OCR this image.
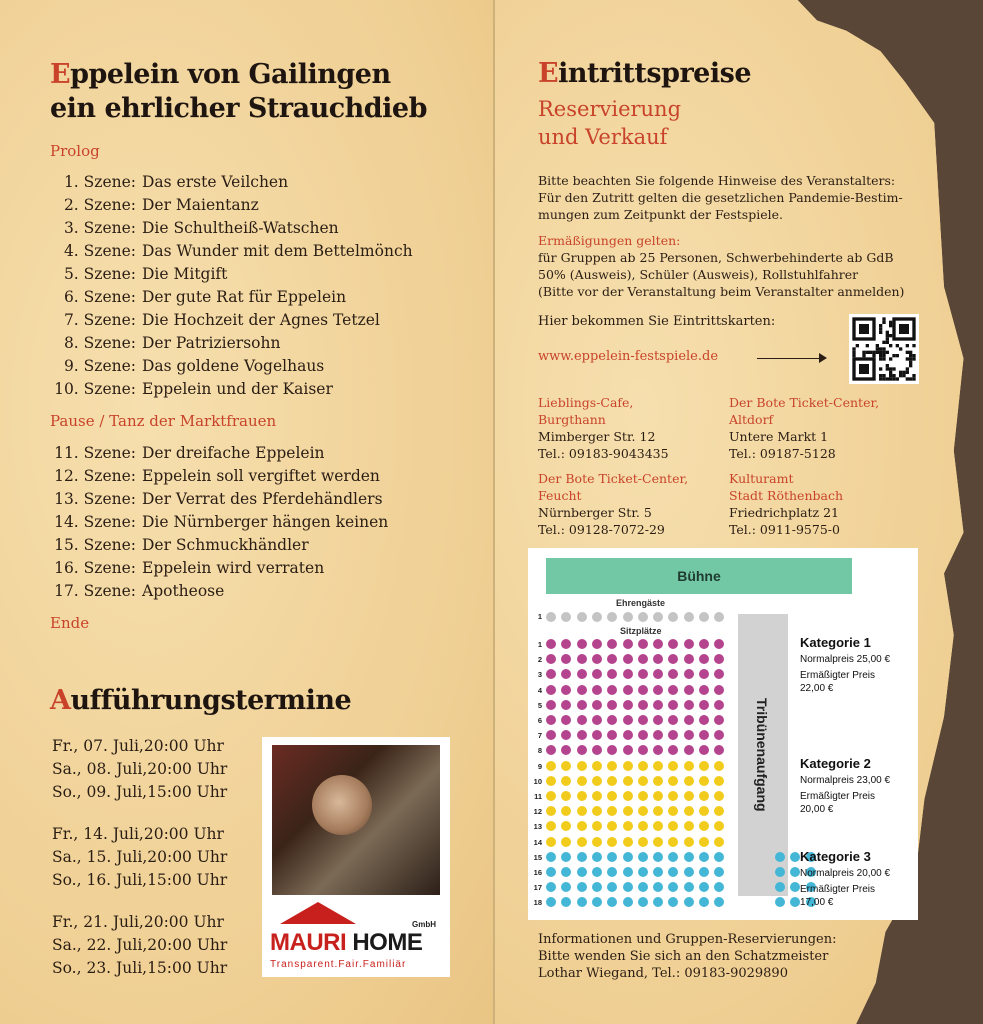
Eppelein von Gailingen
ein ehrlicher Strauchdieb
Prolog
1. Szene: Das erste Veilchen
2. Szene: Der Maientanz
3. Szene: Die Schultheiß-Watschen
4. Szene: Das Wunder mit dem Bettelmönch
5. Szene: Die Mitgift
6. Szene: Der gute Rat für Eppelein
7. Szene: Die Hochzeit der Agnes Tetzel
8. Szene: Der Patriziersohn
9. Szene: Das goldene Vogelhaus
10. Szene: Eppelein und der Kaiser
Pause / Tanz der Marktfrauen
11. Szene: Der dreifache Eppelein
12. Szene: Eppelein soll vergiftet werden
13. Szene: Der Verrat des Pferdehändlers
14. Szene: Die Nürnberger hängen keinen
15. Szene: Der Schmuckhändler
16. Szene: Eppelein wird verraten
17. Szene: Apotheose
Ende
Aufführungstermine
Fr., 07. Juli,20:00 Uhr
Sa., 08. Juli,20:00 Uhr
So., 09. Juli,15:00 Uhr
Fr., 14. Juli,20:00 Uhr
Sa., 15. Juli,20:00 Uhr
So., 16. Juli,15:00 Uhr
Fr., 21. Juli,20:00 Uhr
Sa., 22. Juli,20:00 Uhr
So., 23. Juli,15:00 Uhr
GmbH
MAURI HOME
Transparent.Fair.Familiär
Eintrittspreise
Reservierung
und Verkauf
Bitte beachten Sie folgende Hinweise des Veranstalters:
Für den Zutritt gelten die gesetzlichen Pandemie-Bestim-
mungen zum Zeitpunkt der Festspiele.
Ermäßigungen gelten:
für Gruppen ab 25 Personen, Schwerbehinderte ab GdB
50% (Ausweis), Schüler (Ausweis), Rollstuhlfahrer
(Bitte vor der Veranstaltung beim Veranstalter anmelden)
Hier bekommen Sie Eintrittskarten:
www.eppelein-festspiele.de
Lieblings-Cafe,
Burgthann
Mimberger Str. 12
Tel.: 09183-9043435
Der Bote Ticket-Center,
Altdorf
Untere Markt 1
Tel.: 09187-5128
Der Bote Ticket-Center,
Feucht
Nürnberger Str. 5
Tel.: 09128-7072-29
Kulturamt
Stadt Röthenbach
Friedrichplatz 21
Tel.: 0911-9575-0
Bühne
Ehrengäste
Sitzplätze
Tribünenaufgang
1
1
2
3
4
5
6
7
8
9
10
11
12
13
14
15
16
17
18
Kategorie 1
Normalpreis 25,00 €
Ermäßigter Preis
22,00 €
Kategorie 2
Normalpreis 23,00 €
Ermäßigter Preis
20,00 €
Kategorie 3
Normalpreis 20,00 €
Ermäßigter Preis
17,00 €
Informationen und Gruppen-Reservierungen:
Bitte wenden Sie sich an den Schatzmeister
Lothar Wiegand, Tel.: 09183-9029890
